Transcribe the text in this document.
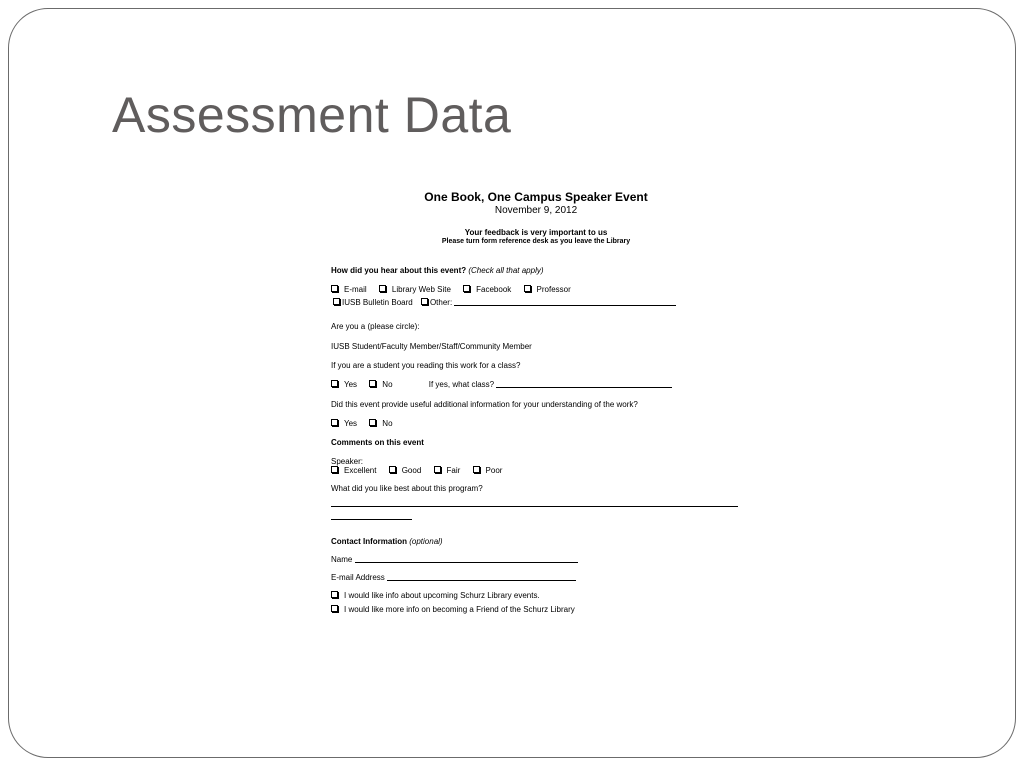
Assessment Data
One Book, One Campus Speaker Event
November 9, 2012
Your feedback is very important to us
Please turn form reference desk as you leave the Library
How did you hear about this event? (Check all that apply)
E-mail	Library Web Site	Facebook	Professor
IUSB Bulletin Board Other:
Are you a (please circle):
IUSB Student/Faculty Member/Staff/Community Member
If you are a student you reading this work for a class?
Yes	No	If yes, what class?
Did this event provide useful additional information for your understanding of the work?
Yes	No
Comments on this event
Speaker:
Excellent	Good	Fair	Poor
What did you like best about this program?
Contact Information (optional)
Name
E-mail Address
I would like info about upcoming Schurz Library events.
I would like more info on becoming a Friend of the Schurz Library
